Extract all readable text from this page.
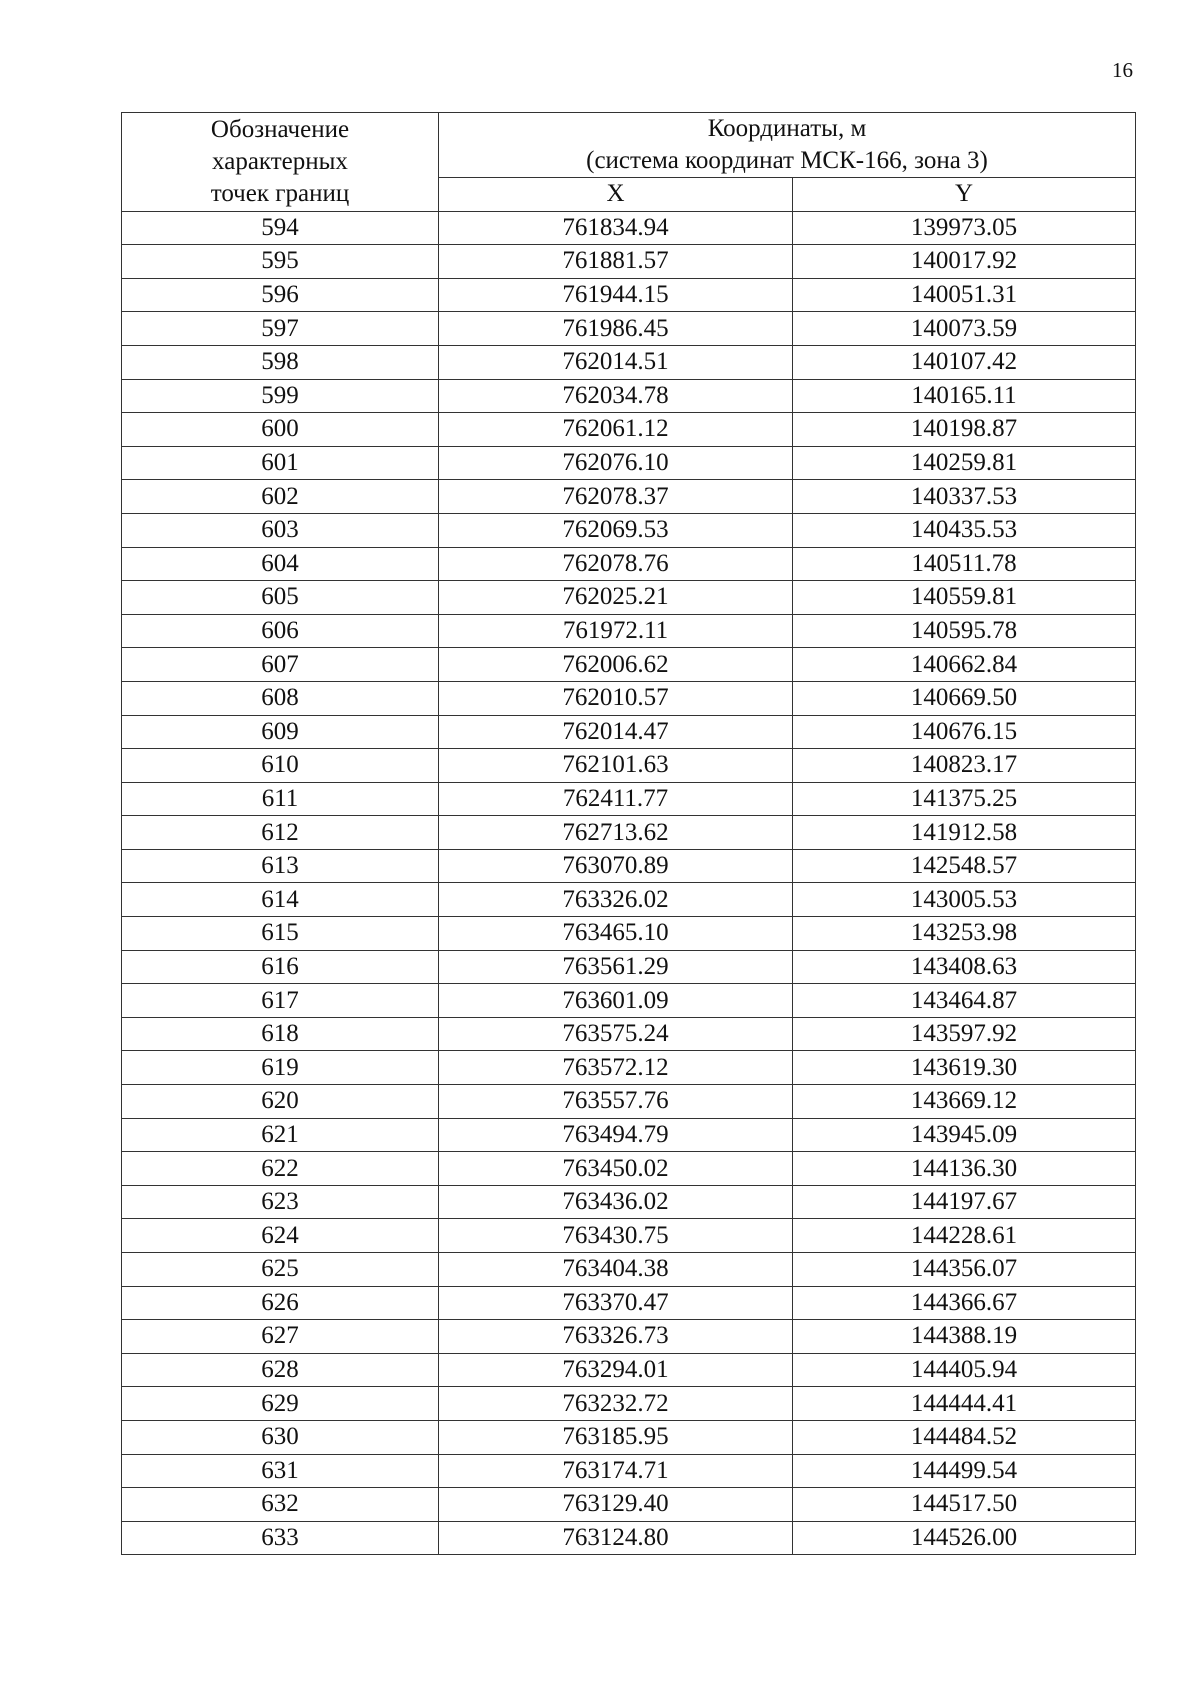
16
Обозначение
характерных
точек границ	Координаты, м
(система координат МСК-166, зона 3)	

	X	Y
594	761834.94	139973.05
595	761881.57	140017.92
596	761944.15	140051.31
597	761986.45	140073.59
598	762014.51	140107.42
599	762034.78	140165.11
600	762061.12	140198.87
601	762076.10	140259.81
602	762078.37	140337.53
603	762069.53	140435.53
604	762078.76	140511.78
605	762025.21	140559.81
606	761972.11	140595.78
607	762006.62	140662.84
608	762010.57	140669.50
609	762014.47	140676.15
610	762101.63	140823.17
611	762411.77	141375.25
612	762713.62	141912.58
613	763070.89	142548.57
614	763326.02	143005.53
615	763465.10	143253.98
616	763561.29	143408.63
617	763601.09	143464.87
618	763575.24	143597.92
619	763572.12	143619.30
620	763557.76	143669.12
621	763494.79	143945.09
622	763450.02	144136.30
623	763436.02	144197.67
624	763430.75	144228.61
625	763404.38	144356.07
626	763370.47	144366.67
627	763326.73	144388.19
628	763294.01	144405.94
629	763232.72	144444.41
630	763185.95	144484.52
631	763174.71	144499.54
632	763129.40	144517.50
633	763124.80	144526.00
